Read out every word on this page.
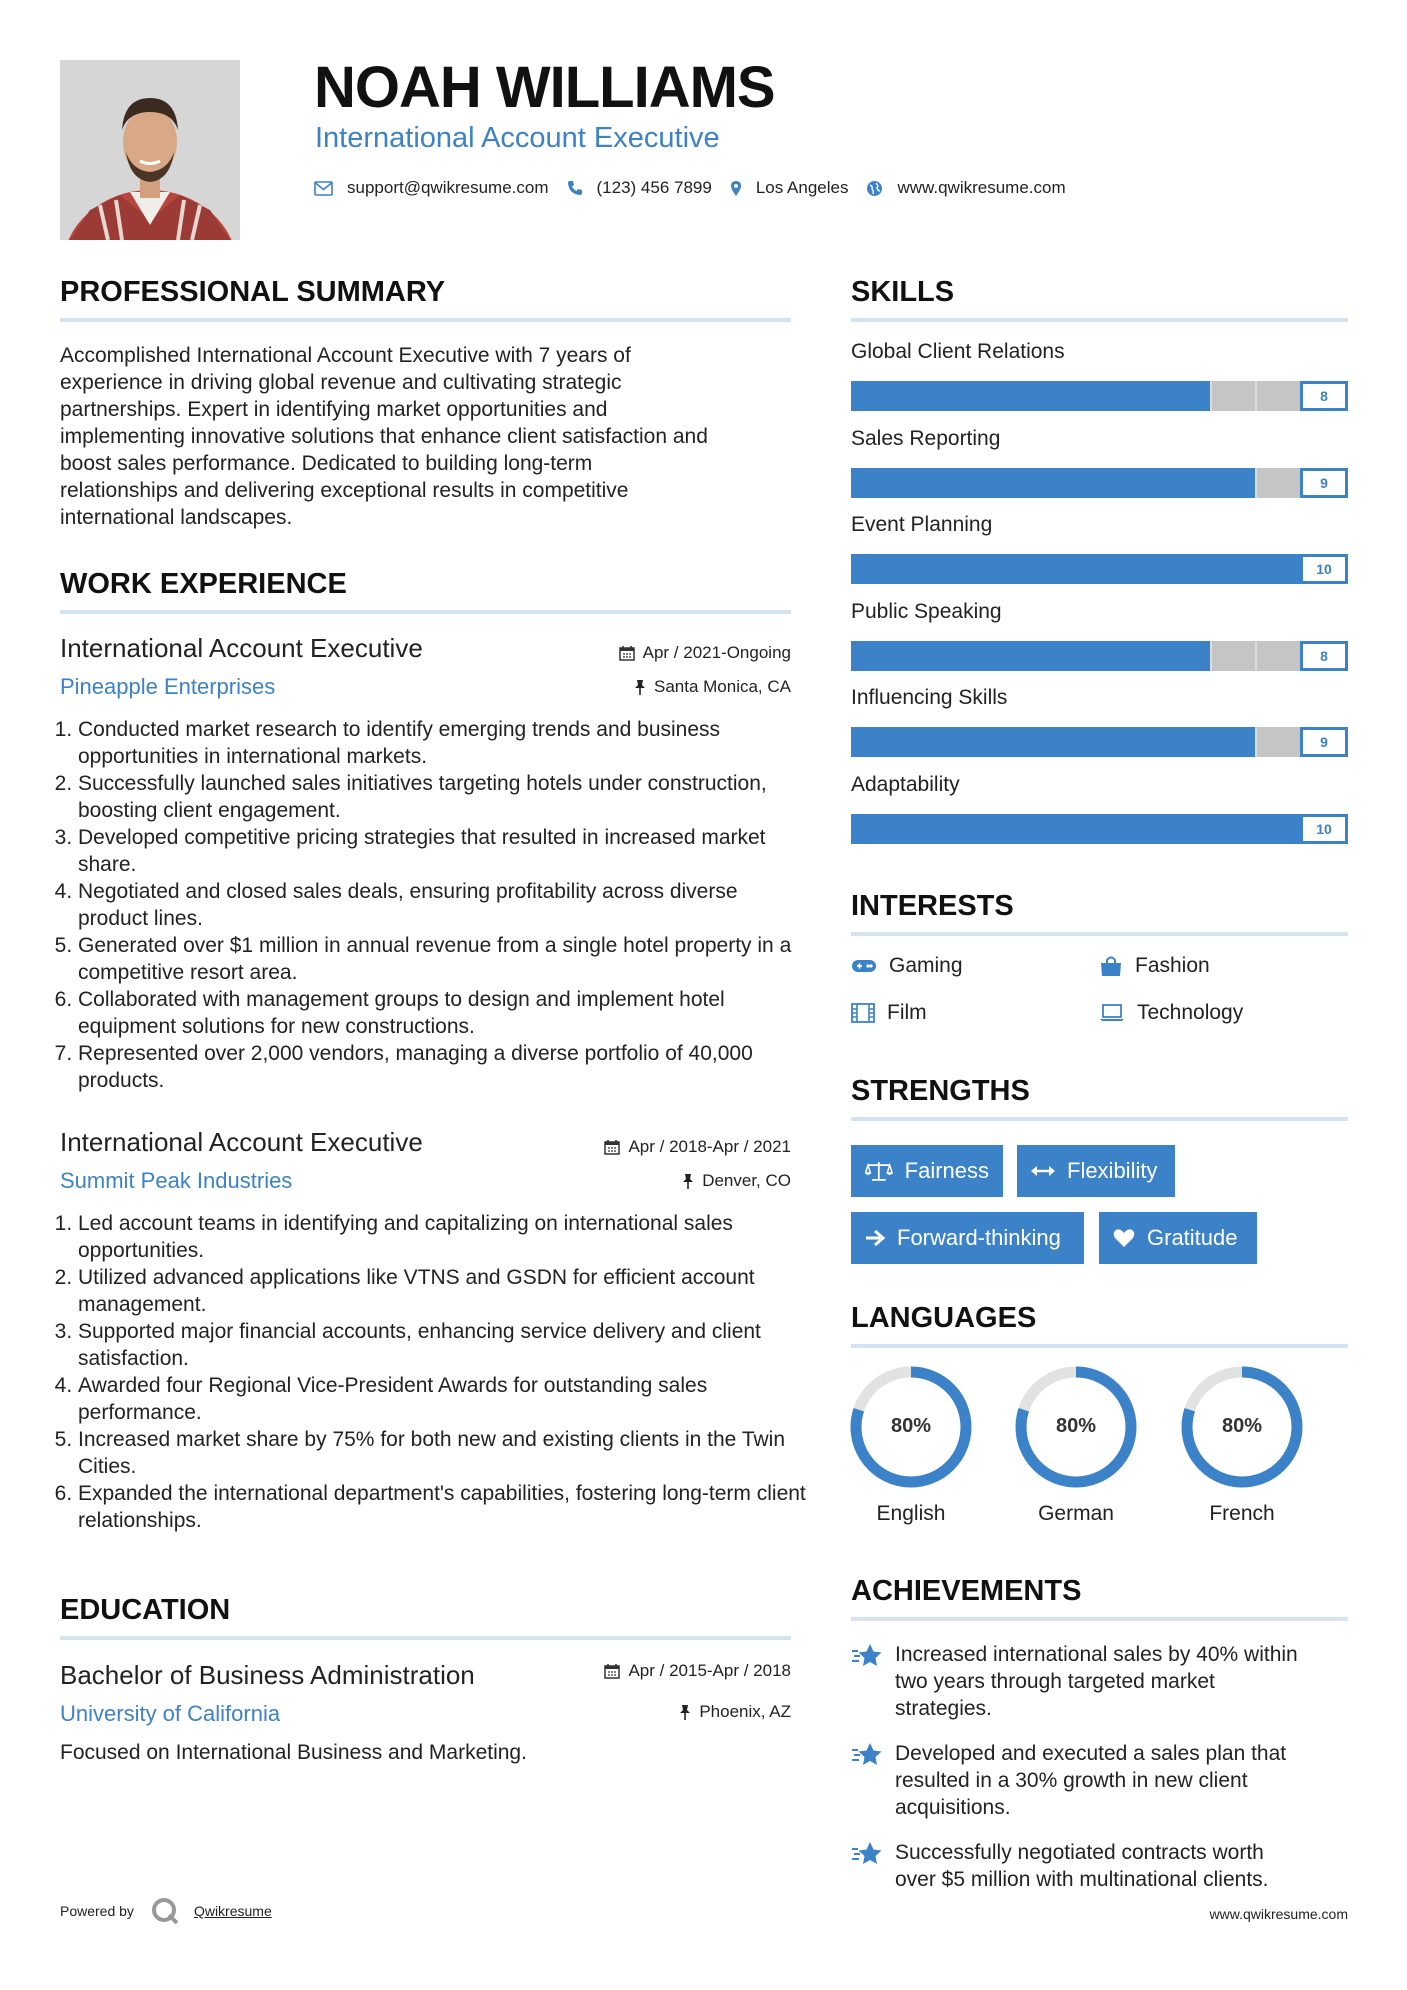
NOAH WILLIAMS
International Account Executive
support@qwikresume.com	(123) 456 7899	Los Angeles	www.qwikresume.com
PROFESSIONAL SUMMARY
Accomplished International Account Executive with 7 years of
experience in driving global revenue and cultivating strategic
partnerships. Expert in identifying market opportunities and
implementing innovative solutions that enhance client satisfaction and
boost sales performance. Dedicated to building long-term
relationships and delivering exceptional results in competitive
international landscapes.
WORK EXPERIENCE
International Account Executive	Apr / 2021-Ongoing
Pineapple Enterprises	Santa Monica, CA
1. Conducted market research to identify emerging trends and business opportunities in international markets.
2. Successfully launched sales initiatives targeting hotels under construction, boosting client engagement.
3. Developed competitive pricing strategies that resulted in increased market share.
4. Negotiated and closed sales deals, ensuring profitability across diverse product lines.
5. Generated over $1 million in annual revenue from a single hotel property in a competitive resort area.
6. Collaborated with management groups to design and implement hotel equipment solutions for new constructions.
7. Represented over 2,000 vendors, managing a diverse portfolio of 40,000 products.
International Account Executive	Apr / 2018-Apr / 2021
Summit Peak Industries	Denver, CO
1. Led account teams in identifying and capitalizing on international sales opportunities.
2. Utilized advanced applications like VTNS and GSDN for efficient account management.
3. Supported major financial accounts, enhancing service delivery and client satisfaction.
4. Awarded four Regional Vice-President Awards for outstanding sales performance.
5. Increased market share by 75% for both new and existing clients in the Twin Cities.
6. Expanded the international department's capabilities, fostering long-term client relationships.
EDUCATION
Bachelor of Business Administration	Apr / 2015-Apr / 2018
University of California	Phoenix, AZ
Focused on International Business and Marketing.
SKILLS
Global Client Relations
8
Sales Reporting
9
Event Planning
10
Public Speaking
8
Influencing Skills
9
Adaptability
10
INTERESTS
Gaming	Fashion
Film	Technology
STRENGTHS
Fairness	Flexibility
Forward-thinking	Gratitude
LANGUAGES
80%
English
80%
German
80%
French
ACHIEVEMENTS
Increased international sales by 40% within
two years through targeted market
strategies.
Developed and executed a sales plan that
resulted in a 30% growth in new client
acquisitions.
Successfully negotiated contracts worth
over $5 million with multinational clients.
Powered by	Qwikresume	www.qwikresume.com
